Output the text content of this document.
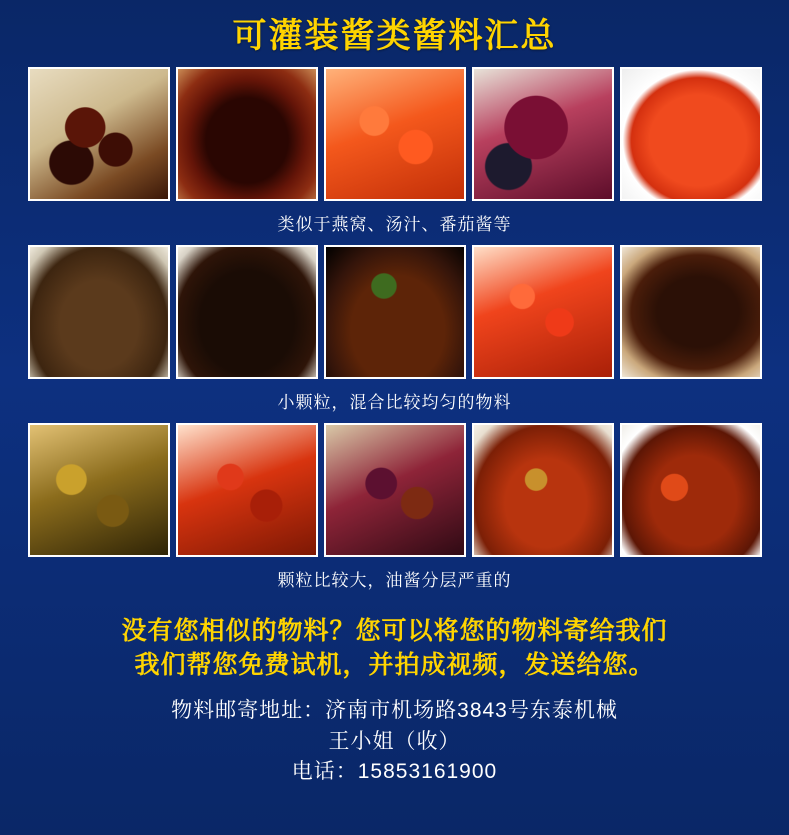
可灌装酱类酱料汇总
类似于燕窝、汤汁、番茄酱等
小颗粒，混合比较均匀的物料
颗粒比较大，油酱分层严重的
没有您相似的物料？您可以将您的物料寄给我们
我们帮您免费试机，并拍成视频，发送给您。
物料邮寄地址：济南市机场路3843号东泰机械
王小姐（收）
电话：15853161900
